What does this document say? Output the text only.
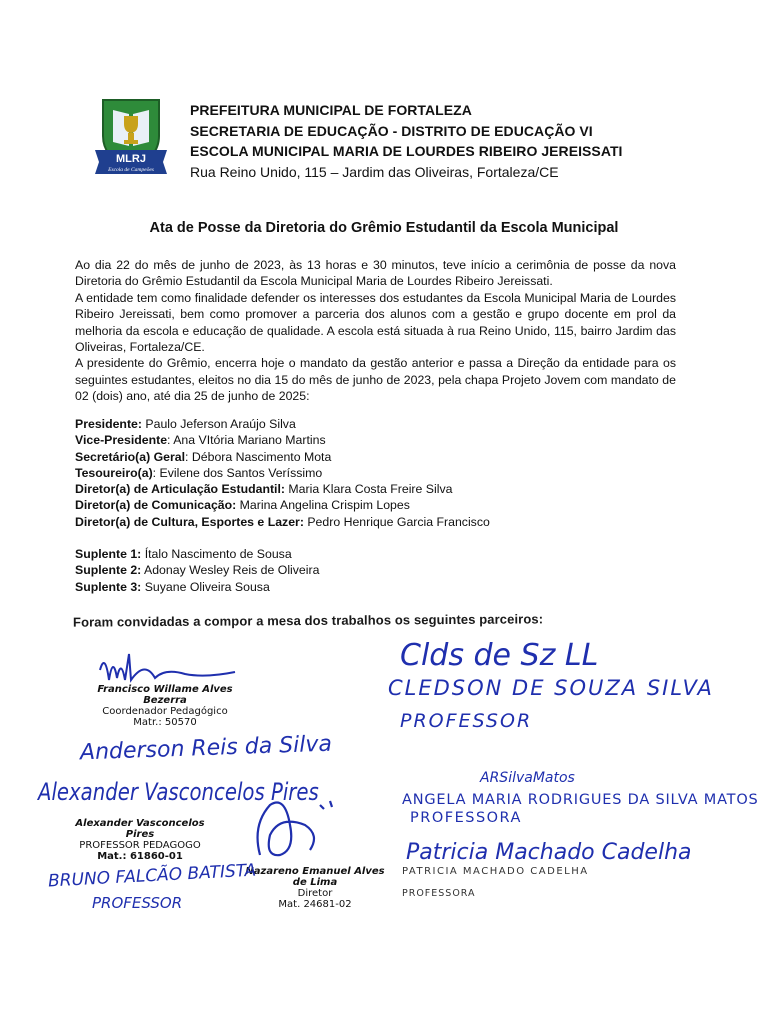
MLRJ
Escola de Campeões
PREFEITURA MUNICIPAL DE FORTALEZA
SECRETARIA DE EDUCAÇÃO - DISTRITO DE EDUCAÇÃO VI
ESCOLA MUNICIPAL MARIA DE LOURDES RIBEIRO JEREISSATI
Rua Reino Unido, 115 – Jardim das Oliveiras, Fortaleza/CE
Ata de Posse da Diretoria do Grêmio Estudantil da Escola Municipal

Ao dia 22 do mês de junho de 2023, às 13 horas e 30 minutos, teve início a cerimônia de posse da nova Diretoria do Grêmio Estudantil da Escola Municipal Maria de Lourdes Ribeiro Jereissati.

A entidade tem como finalidade defender os interesses dos estudantes da Escola Municipal Maria de Lourdes Ribeiro Jereissati, bem como promover a parceria dos alunos com a gestão e grupo docente em prol da melhoria da escola e educação de qualidade. A escola está situada à rua Reino Unido, 115, bairro Jardim das Oliveiras, Fortaleza/CE.

A presidente do Grêmio, encerra hoje o mandato da gestão anterior e passa a Direção da entidade para os seguintes estudantes, eleitos no dia 15 do mês de junho de 2023, pela chapa Projeto Jovem com mandato de 02 (dois) ano, até dia 25 de junho de 2025:

Presidente: Paulo Jeferson Araújo Silva
Vice-Presidente: Ana VItória Mariano Martins
Secretário(a) Geral: Débora Nascimento Mota
Tesoureiro(a): Evilene dos Santos Veríssimo
Diretor(a) de Articulação Estudantil: Maria Klara Costa Freire Silva
Diretor(a) de Comunicação: Marina Angelina Crispim Lopes
Diretor(a) de Cultura, Esportes e Lazer: Pedro Henrique Garcia Francisco
Suplente 1: Ítalo Nascimento de Sousa
Suplente 2: Adonay Wesley Reis de Oliveira
Suplente 3: Suyane Oliveira Sousa
Foram convidadas a compor a mesa dos trabalhos os seguintes parceiros:
Francisco Willame Alves Bezerra
Coordenador Pedagógico
Matr.: 50570
Clds de Sz LL
CLEDSON DE SOUZA SILVA
PROFESSOR
Anderson Reis da Silva
Alexander Vasconcelos Pires
Alexander Vasconcelos Pires
PROFESSOR PEDAGOGO
Mat.: 61860-01
Nazareno Emanuel Alves de Lima
Diretor
Mat. 24681-02
BRUNO FALCÃO BATISTA
PROFESSOR
ARSilvaMatos
ANGELA MARIA RODRIGUES DA SILVA MATOS
PROFESSORA
Patricia Machado Cadelha
PATRICIA MACHADO CADELHA
PROFESSORA
